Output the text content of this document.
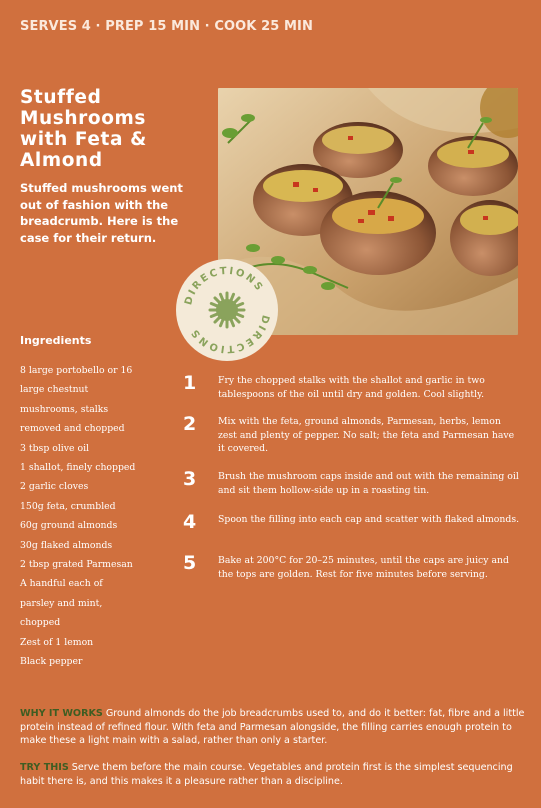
SERVES 4 · PREP 15 MIN · COOK 25 MIN
Stuffed Mushrooms with Feta & Almond
Stuffed mushrooms went out of fashion with the breadcrumb. Here is the case for their return.
DIRECTIONS
DIRECTIONS
Ingredients
8 large portobello or 16
large chestnut
mushrooms, stalks
removed and chopped
3 tbsp olive oil
1 shallot, finely chopped
2 garlic cloves
150g feta, crumbled
60g ground almonds
30g flaked almonds
2 tbsp grated Parmesan
A handful each of
parsley and mint,
chopped
Zest of 1 lemon
Black pepper
1	Fry the chopped stalks with the shallot and garlic in two tablespoons of the oil until dry and golden. Cool slightly.
2	Mix with the feta, ground almonds, Parmesan, herbs, lemon zest and plenty of pepper. No salt; the feta and Parmesan have it covered.
3	Brush the mushroom caps inside and out with the remaining oil and sit them hollow-side up in a roasting tin.
4	Spoon the filling into each cap and scatter with flaked almonds.
5	Bake at 200°C for 20–25 minutes, until the caps are juicy and the tops are golden. Rest for five minutes before serving.
WHY IT WORKS Ground almonds do the job breadcrumbs used to, and do it better: fat, fibre and a little protein instead of refined flour. With feta and Parmesan alongside, the filling carries enough protein to make these a light main with a salad, rather than only a starter.
TRY THIS Serve them before the main course. Vegetables and protein first is the simplest sequencing habit there is, and this makes it a pleasure rather than a discipline.
